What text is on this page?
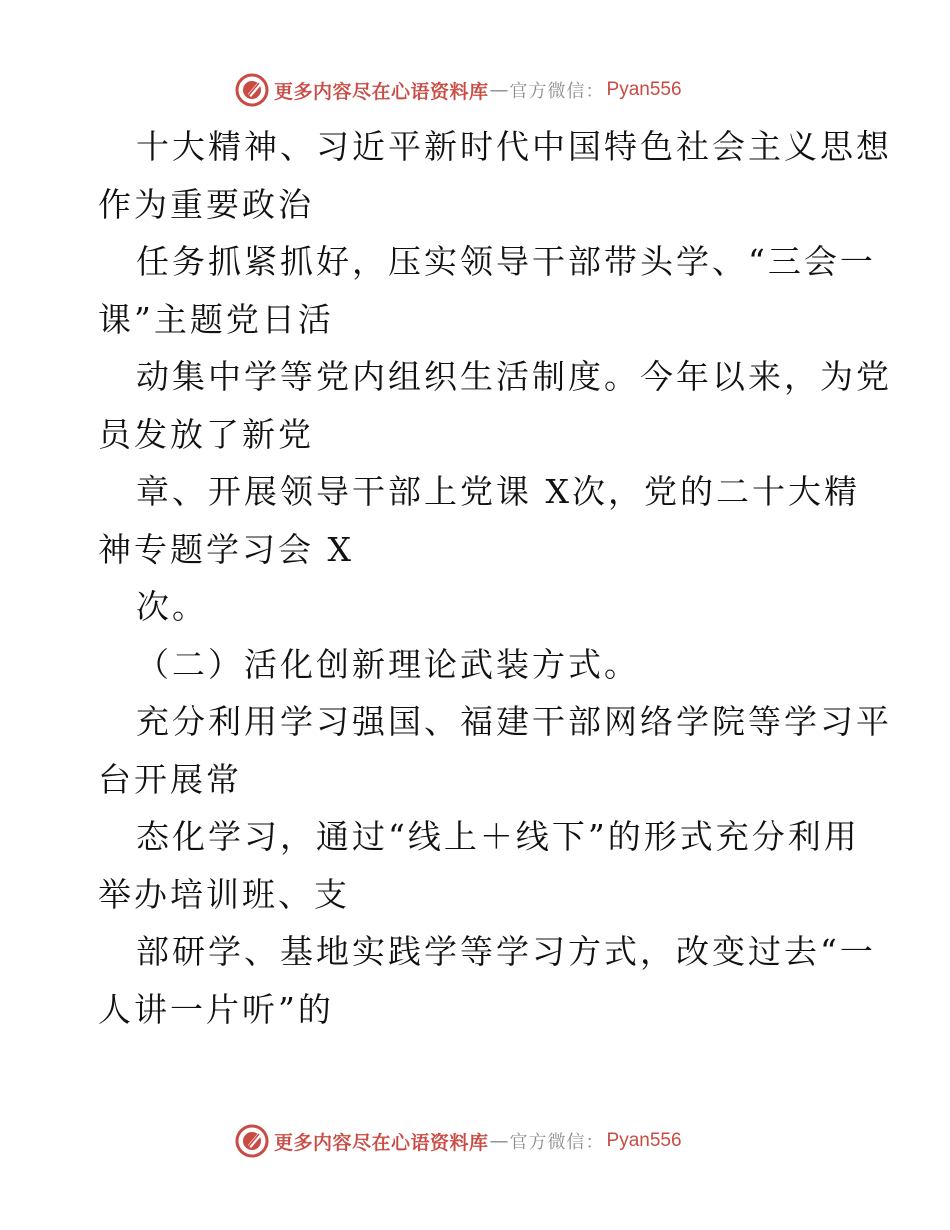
更多内容尽在心语资料库 — 官方微信： Pyan556
十大精神、习近平新时代中国特色社会主义思想
作为重要政治
任务抓紧抓好，压实领导干部带头学、“三会一
课”主题党日活
动集中学等党内组织生活制度。今年以来，为党
员发放了新党
章、开展领导干部上党课 X次，党的二十大精
神专题学习会 X
次。
（二）活化创新理论武装方式。
充分利用学习强国、福建干部网络学院等学习平
台开展常
态化学习，通过“线上＋线下”的形式充分利用
举办培训班、支
部研学、基地实践学等学习方式，改变过去“一
人讲一片听”的
更多内容尽在心语资料库 — 官方微信： Pyan556
